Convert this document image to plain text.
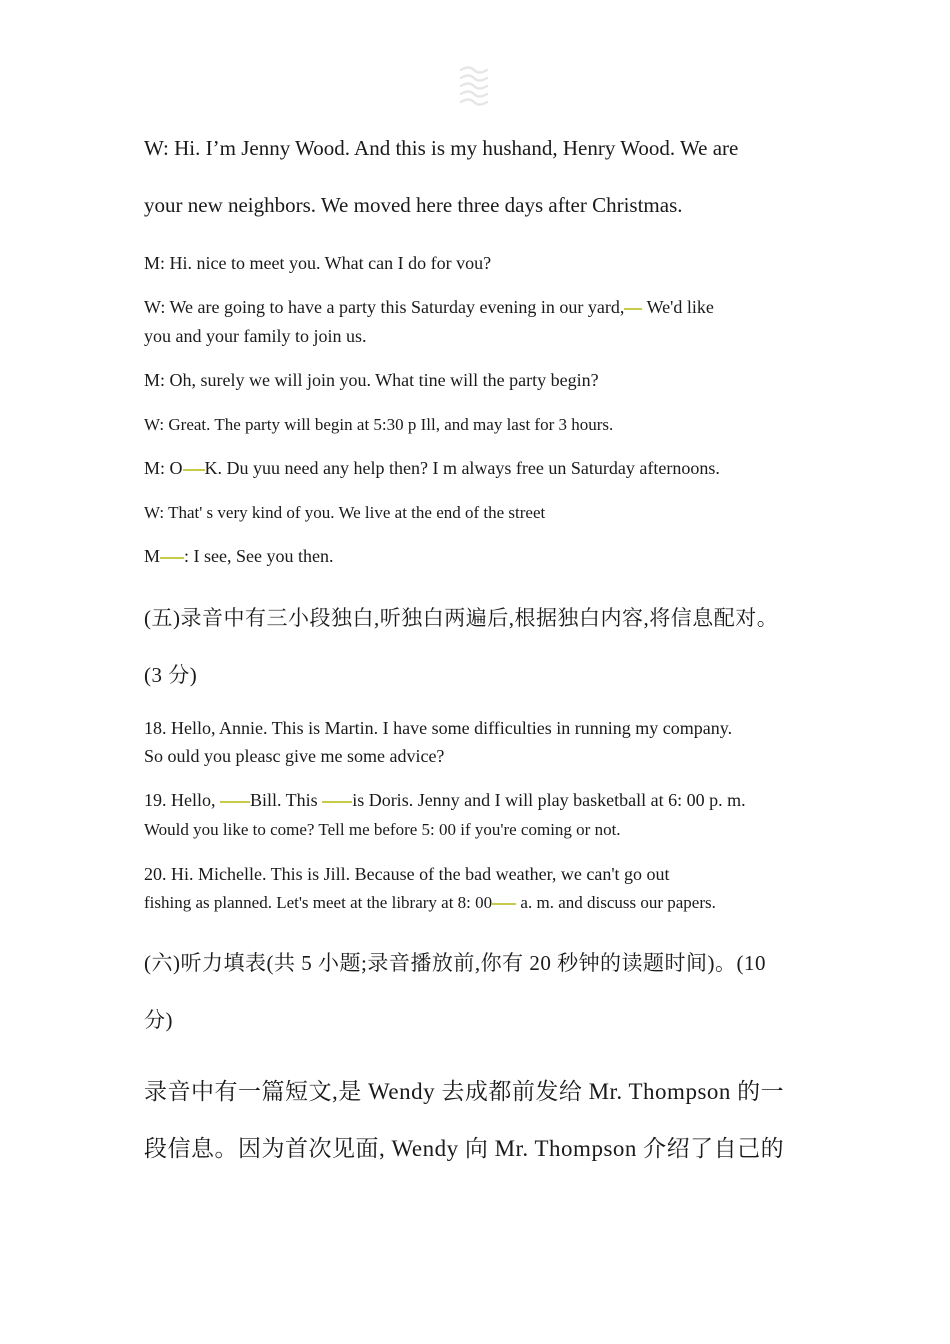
W: Hi. I’m Jenny Wood. And this is my hushand, Henry Wood. We are
your new neighbors. We moved here three days after Christmas.
M: Hi. nice to meet you. What can I do for vou?
W: We are going to have a party this Saturday evening in our yard, We'd like
you and your family to join us.
M: Oh, surely we will join you. What tine will the party begin?
W: Great. The party will begin at 5:30 p Ill, and may last for 3 hours.
M: O K. Du yuu need any help then? I m always free un Saturday afternoons.
W: That' s very kind of you. We live at the end of the street
M : I see, See you then.
(五)录音中有三小段独白,听独白两遍后,根据独白内容,将信息配对。
(3 分)
18. Hello, Annie. This is Martin. I have some difficulties in running my company.
So ould you pleasc give me some advice?
19. Hello, Bill. This is Doris. Jenny and I will play basketball at 6: 00 p. m.
Would you like to come? Tell me before 5: 00 if you're coming or not.
20. Hi. Michelle. This is Jill. Because of the bad weather, we can't go out
fishing as planned. Let's meet at the library at 8: 00 a. m. and discuss our papers.
(六)听力填表(共 5 小题;录音播放前,你有 20 秒钟的读题时间)。(10
分)
录音中有一篇短文,是 Wendy 去成都前发给 Mr. Thompson 的一
段信息。因为首次见面, Wendy 向 Mr. Thompson 介绍了自己的
